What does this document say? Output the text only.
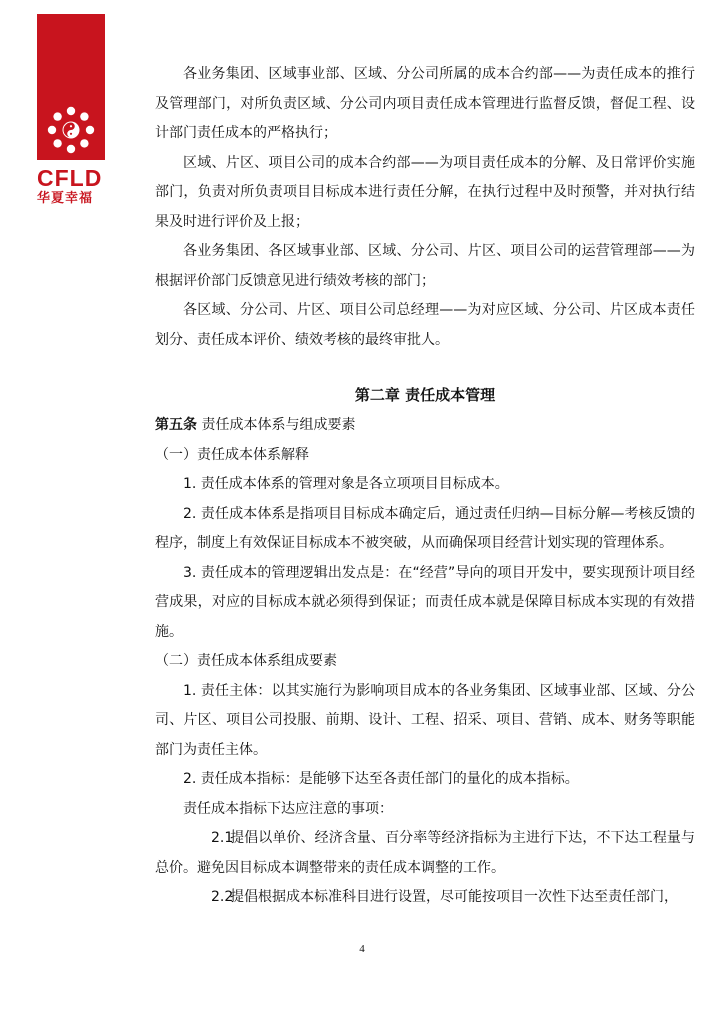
CFLD
华夏幸福

各业务集团、区域事业部、区域、分公司所属的成本合约部——为责任成本的推行及管理部门，对所负责区域、分公司内项目责任成本管理进行监督反馈，督促工程、设计部门责任成本的严格执行；

区域、片区、项目公司的成本合约部——为项目责任成本的分解、及日常评价实施部门，负责对所负责项目目标成本进行责任分解，在执行过程中及时预警，并对执行结果及时进行评价及上报；

各业务集团、各区域事业部、区域、分公司、片区、项目公司的运营管理部——为根据评价部门反馈意见进行绩效考核的部门；

各区域、分公司、片区、项目公司总经理——为对应区域、分公司、片区成本责任划分、责任成本评价、绩效考核的最终审批人。

第二章 责任成本管理

第五条 责任成本体系与组成要素

（一）责任成本体系解释

1. 责任成本体系的管理对象是各立项项目目标成本。

2. 责任成本体系是指项目目标成本确定后，通过责任归纳—目标分解—考核反馈的程序，制度上有效保证目标成本不被突破，从而确保项目经营计划实现的管理体系。

3. 责任成本的管理逻辑出发点是：在“经营”导向的项目开发中，要实现预计项目经营成果，对应的目标成本就必须得到保证；而责任成本就是保障目标成本实现的有效措施。

（二）责任成本体系组成要素

1. 责任主体：以其实施行为影响项目成本的各业务集团、区域事业部、区域、分公司、片区、项目公司投服、前期、设计、工程、招采、项目、营销、成本、财务等职能部门为责任主体。

2. 责任成本指标：是能够下达至各责任部门的量化的成本指标。

责任成本指标下达应注意的事项：

2.1提倡以单价、经济含量、百分率等经济指标为主进行下达，不下达工程量与总价。避免因目标成本调整带来的责任成本调整的工作。

2.2提倡根据成本标准科目进行设置，尽可能按项目一次性下达至责任部门，

4
